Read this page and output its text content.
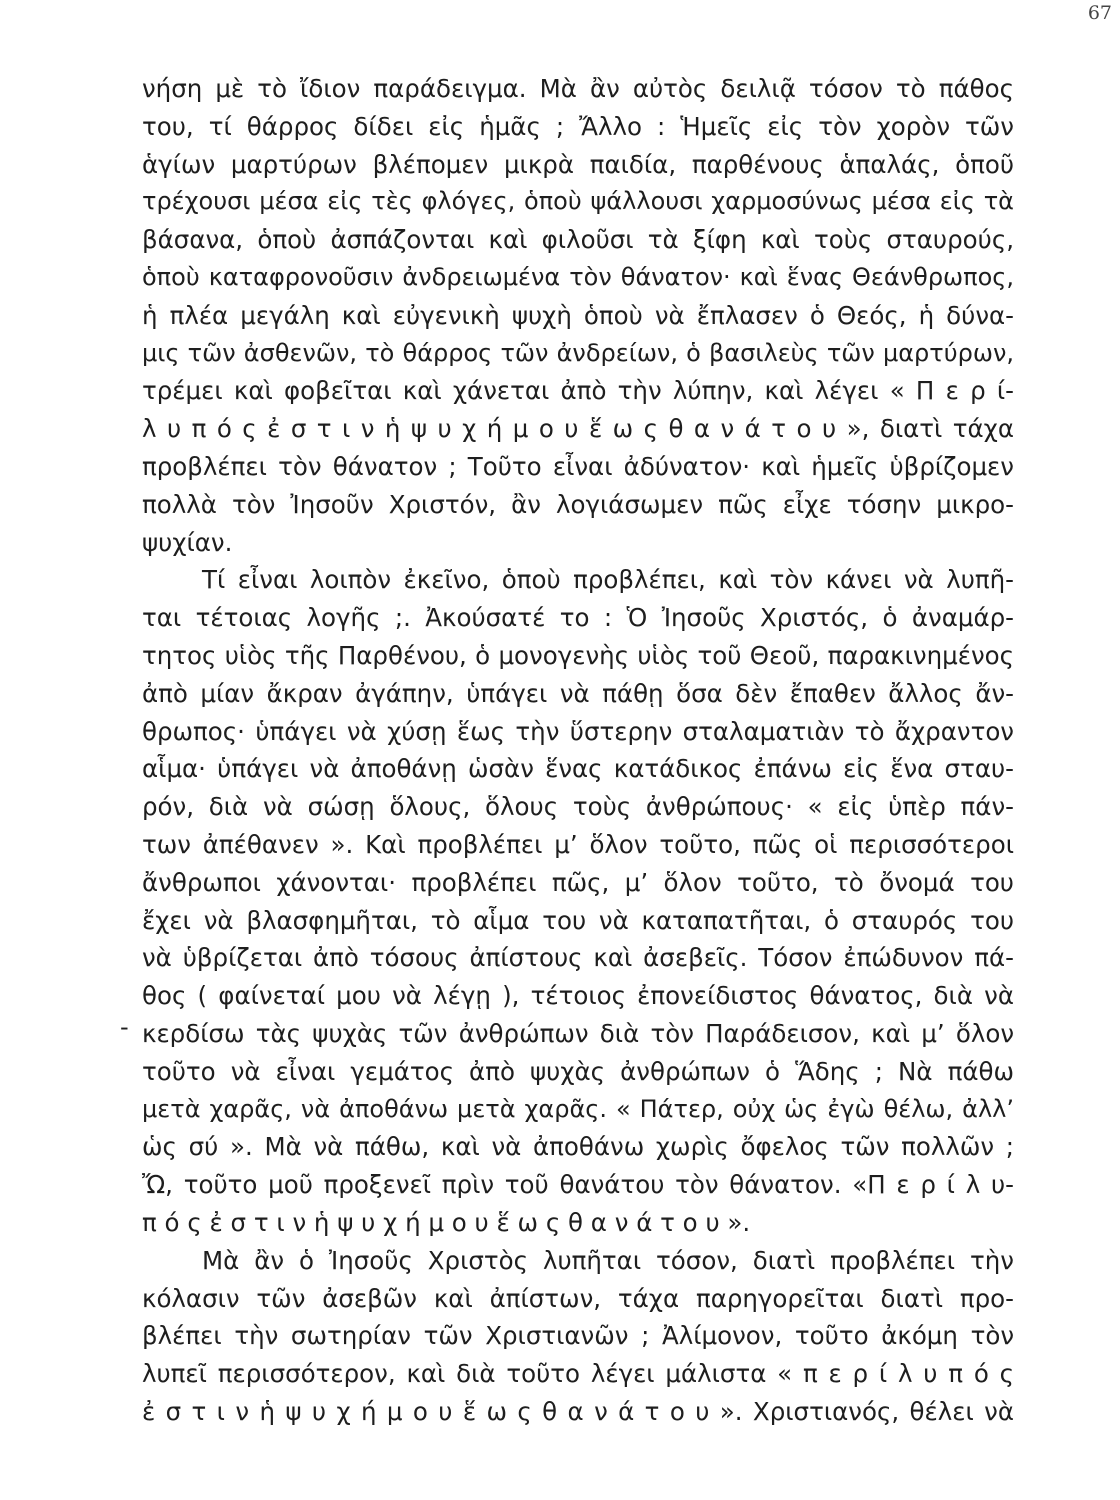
67
-
νήση μὲ τὸ ἴδιον παράδειγμα. Μὰ ἂν αὐτὸς δειλιᾷ τόσον τὸ πάθος
του, τί θάρρος δίδει εἰς ἡμᾶς ; Ἄλλο : Ἡμεῖς εἰς τὸν χορὸν τῶν
ἁγίων μαρτύρων βλέπομεν μικρὰ παιδία, παρθένους ἁπαλάς, ὁποῦ
τρέχουσι μέσα εἰς τὲς φλόγες, ὁποὺ ψάλλουσι χαρμοσύνως μέσα εἰς τὰ
βάσανα, ὁποὺ ἀσπάζονται καὶ φιλοῦσι τὰ ξίφη καὶ τοὺς σταυρούς,
ὁποὺ καταφρονοῦσιν ἀνδρειωμένα τὸν θάνατον· καὶ ἕνας Θεάνθρωπος,
ἡ πλέα μεγάλη καὶ εὐγενικὴ ψυχὴ ὁποὺ νὰ ἔπλασεν ὁ Θεός, ἡ δύνα-
μις τῶν ἀσθενῶν, τὸ θάρρος τῶν ἀνδρείων, ὁ βασιλεὺς τῶν μαρτύρων,
τρέμει καὶ φοβεῖται καὶ χάνεται ἀπὸ τὴν λύπην, καὶ λέγει « Π ε ρ ί-
λ υ π ό ς ἐ σ τ ι ν ἡ ψ υ χ ή μ ο υ ἕ ω ς θ α ν ά τ ο υ », διατὶ τάχα
προβλέπει τὸν θάνατον ; Τοῦτο εἶναι ἀδύνατον· καὶ ἡμεῖς ὑβρίζομεν
πολλὰ τὸν Ἰησοῦν Χριστόν, ἂν λογιάσωμεν πῶς εἶχε τόσην μικρο-
ψυχίαν.
Τί εἶναι λοιπὸν ἐκεῖνο, ὁποὺ προβλέπει, καὶ τὸν κάνει νὰ λυπῆ-
ται τέτοιας λογῆς ;. Ἀκούσατέ το : Ὁ Ἰησοῦς Χριστός, ὁ ἀναμάρ-
τητος υἱὸς τῆς Παρθένου, ὁ μονογενὴς υἱὸς τοῦ Θεοῦ, παρακινημένος
ἀπὸ μίαν ἄκραν ἀγάπην, ὑπάγει νὰ πάθῃ ὅσα δὲν ἔπαθεν ἄλλος ἄν-
θρωπος· ὑπάγει νὰ χύσῃ ἕως τὴν ὕστερην σταλαματιὰν τὸ ἄχραντον
αἷμα· ὑπάγει νὰ ἀποθάνῃ ὡσὰν ἕνας κατάδικος ἐπάνω εἰς ἕνα σταυ-
ρόν, διὰ νὰ σώσῃ ὅλους, ὅλους τοὺς ἀνθρώπους· « εἰς ὑπὲρ πάν-
των ἀπέθανεν ». Καὶ προβλέπει μ’ ὅλον τοῦτο, πῶς οἱ περισσότεροι
ἄνθρωποι χάνονται· προβλέπει πῶς, μ’ ὅλον τοῦτο, τὸ ὄνομά του
ἔχει νὰ βλασφημῆται, τὸ αἷμα του νὰ καταπατῆται, ὁ σταυρός του
νὰ ὑβρίζεται ἀπὸ τόσους ἀπίστους καὶ ἀσεβεῖς. Τόσον ἐπώδυνον πά-
θος ( φαίνεταί μου νὰ λέγῃ ), τέτοιος ἐπονείδιστος θάνατος, διὰ νὰ
κερδίσω τὰς ψυχὰς τῶν ἀνθρώπων διὰ τὸν Παράδεισον, καὶ μ’ ὅλον
τοῦτο νὰ εἶναι γεμάτος ἀπὸ ψυχὰς ἀνθρώπων ὁ Ἅδης ; Νὰ πάθω
μετὰ χαρᾶς, νὰ ἀποθάνω μετὰ χαρᾶς. « Πάτερ, οὐχ ὡς ἐγὼ θέλω, ἀλλ’
ὡς σύ ». Μὰ νὰ πάθω, καὶ νὰ ἀποθάνω χωρὶς ὄφελος τῶν πολλῶν ;
Ὤ, τοῦτο μοῦ προξενεῖ πρὶν τοῦ θανάτου τὸν θάνατον. «Π ε ρ ί λ υ-
π ό ς ἐ σ τ ι ν ἡ ψ υ χ ή μ ο υ ἕ ω ς θ α ν ά τ ο υ ».
Μὰ ἂν ὁ Ἰησοῦς Χριστὸς λυπῆται τόσον, διατὶ προβλέπει τὴν
κόλασιν τῶν ἀσεβῶν καὶ ἀπίστων, τάχα παρηγορεῖται διατὶ προ-
βλέπει τὴν σωτηρίαν τῶν Χριστιανῶν ; Ἀλίμονον, τοῦτο ἀκόμη τὸν
λυπεῖ περισσότερον, καὶ διὰ τοῦτο λέγει μάλιστα « π ε ρ ί λ υ π ό ς
ἐ σ τ ι ν ἡ ψ υ χ ή μ ο υ ἕ ω ς θ α ν ά τ ο υ ». Χριστιανός, θέλει νὰ
